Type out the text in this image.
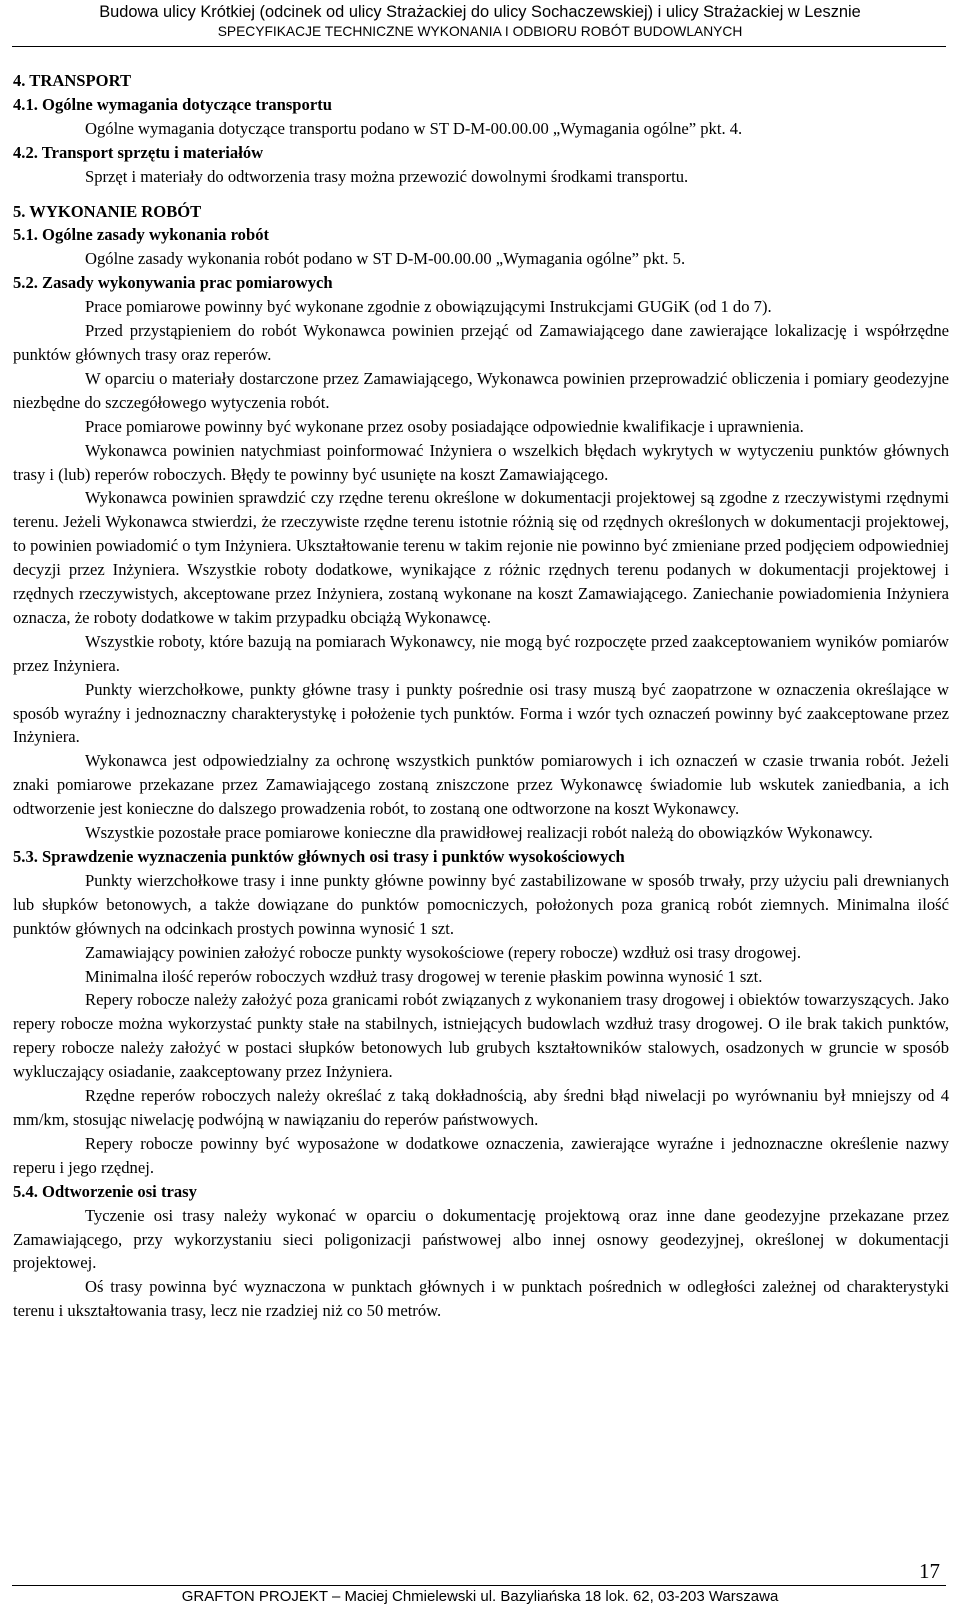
Budowa ulicy Krótkiej (odcinek od ulicy Strażackiej do ulicy Sochaczewskiej) i ulicy Strażackiej w Lesznie
SPECYFIKACJE TECHNICZNE WYKONANIA I ODBIORU ROBÓT BUDOWLANYCH

4. TRANSPORT

4.1. Ogólne wymagania dotyczące transportu

Ogólne wymagania dotyczące transportu podano w ST D-M-00.00.00 „Wymagania ogólne” pkt. 4.

4.2. Transport sprzętu i materiałów

Sprzęt i materiały do odtworzenia trasy można przewozić dowolnymi środkami transportu.

5. WYKONANIE ROBÓT

5.1. Ogólne zasady wykonania robót

Ogólne zasady wykonania robót podano w ST D-M-00.00.00 „Wymagania ogólne” pkt. 5.

5.2. Zasady wykonywania prac pomiarowych

Prace pomiarowe powinny być wykonane zgodnie z obowiązującymi Instrukcjami GUGiK (od 1 do 7).

Przed przystąpieniem do robót Wykonawca powinien przejąć od Zamawiającego dane zawierające lokalizację i współrzędne punktów głównych trasy oraz reperów.

W oparciu o materiały dostarczone przez Zamawiającego, Wykonawca powinien przeprowadzić obliczenia i pomiary geodezyjne niezbędne do szczegółowego wytyczenia robót.

Prace pomiarowe powinny być wykonane przez osoby posiadające odpowiednie kwalifikacje i uprawnienia.

Wykonawca powinien natychmiast poinformować Inżyniera o wszelkich błędach wykrytych w wytyczeniu punktów głównych trasy i (lub) reperów roboczych. Błędy te powinny być usunięte na koszt Zamawiającego.

Wykonawca powinien sprawdzić czy rzędne terenu określone w dokumentacji projektowej są zgodne z rzeczywistymi rzędnymi terenu. Jeżeli Wykonawca stwierdzi, że rzeczywiste rzędne terenu istotnie różnią się od rzędnych określonych w dokumentacji projektowej, to powinien powiadomić o tym Inżyniera. Ukształtowanie terenu w takim rejonie nie powinno być zmieniane przed podjęciem odpowiedniej decyzji przez Inżyniera. Wszystkie roboty dodatkowe, wynikające z różnic rzędnych terenu podanych w dokumentacji projektowej i rzędnych rzeczywistych, akceptowane przez Inżyniera, zostaną wykonane na koszt Zamawiającego. Zaniechanie powiadomienia Inżyniera oznacza, że roboty dodatkowe w takim przypadku obciążą Wykonawcę.

Wszystkie roboty, które bazują na pomiarach Wykonawcy, nie mogą być rozpoczęte przed zaakceptowaniem wyników pomiarów przez Inżyniera.

Punkty wierzchołkowe, punkty główne trasy i punkty pośrednie osi trasy muszą być zaopatrzone w oznaczenia określające w sposób wyraźny i jednoznaczny charakterystykę i położenie tych punktów. Forma i wzór tych oznaczeń powinny być zaakceptowane przez Inżyniera.

Wykonawca jest odpowiedzialny za ochronę wszystkich punktów pomiarowych i ich oznaczeń w czasie trwania robót. Jeżeli znaki pomiarowe przekazane przez Zamawiającego zostaną zniszczone przez Wykonawcę świadomie lub wskutek zaniedbania, a ich odtworzenie jest konieczne do dalszego prowadzenia robót, to zostaną one odtworzone na koszt Wykonawcy.

Wszystkie pozostałe prace pomiarowe konieczne dla prawidłowej realizacji robót należą do obowiązków Wykonawcy.

5.3. Sprawdzenie wyznaczenia punktów głównych osi trasy i punktów wysokościowych

Punkty wierzchołkowe trasy i inne punkty główne powinny być zastabilizowane w sposób trwały, przy użyciu pali drewnianych lub słupków betonowych, a także dowiązane do punktów pomocniczych, położonych poza granicą robót ziemnych. Minimalna ilość punktów głównych na odcinkach prostych powinna wynosić 1 szt.

Zamawiający powinien założyć robocze punkty wysokościowe (repery robocze) wzdłuż osi trasy drogowej.

Minimalna ilość reperów roboczych wzdłuż trasy drogowej w terenie płaskim powinna wynosić 1 szt.

Repery robocze należy założyć poza granicami robót związanych z wykonaniem trasy drogowej i obiektów towarzyszących. Jako repery robocze można wykorzystać punkty stałe na stabilnych, istniejących budowlach wzdłuż trasy drogowej. O ile brak takich punktów, repery robocze należy założyć w postaci słupków betonowych lub grubych kształtowników stalowych, osadzonych w gruncie w sposób wykluczający osiadanie, zaakceptowany przez Inżyniera.

Rzędne reperów roboczych należy określać z taką dokładnością, aby średni błąd niwelacji po wyrównaniu był mniejszy od 4 mm/km, stosując niwelację podwójną w nawiązaniu do reperów państwowych.

Repery robocze powinny być wyposażone w dodatkowe oznaczenia, zawierające wyraźne i jednoznaczne określenie nazwy reperu i jego rzędnej.

5.4. Odtworzenie osi trasy

Tyczenie osi trasy należy wykonać w oparciu o dokumentację projektową oraz inne dane geodezyjne przekazane przez Zamawiającego, przy wykorzystaniu sieci poligonizacji państwowej albo innej osnowy geodezyjnej, określonej w dokumentacji projektowej.

Oś trasy powinna być wyznaczona w punktach głównych i w punktach pośrednich w odległości zależnej od charakterystyki terenu i ukształtowania trasy, lecz nie rzadziej niż co 50 metrów.

17
GRAFTON PROJEKT – Maciej Chmielewski ul. Bazyliańska 18 lok. 62, 03-203 Warszawa
